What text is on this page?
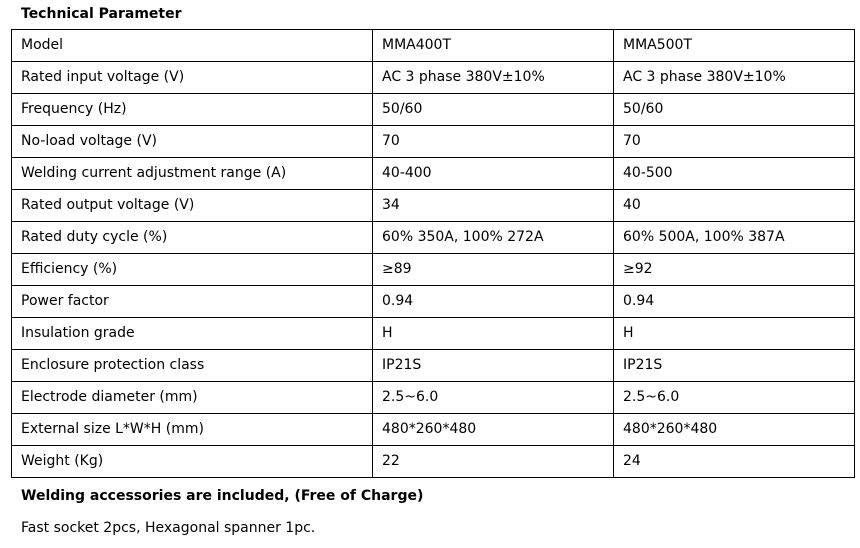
Technical Parameter
Model	MMA400T	MMA500T
Rated input voltage (V)	AC 3 phase 380V±10%	AC 3 phase 380V±10%
Frequency (Hz)	50/60	50/60
No-load voltage (V)	70	70
Welding current adjustment range (A)	40-400	40-500
Rated output voltage (V)	34	40
Rated duty cycle (%)	60% 350A, 100% 272A	60% 500A, 100% 387A
Efficiency (%)	≥89	≥92
Power factor	0.94	0.94
Insulation grade	H	H
Enclosure protection class	IP21S	IP21S
Electrode diameter (mm)	2.5~6.0	2.5~6.0
External size L*W*H (mm)	480*260*480	480*260*480
Weight (Kg)	22	24
Welding accessories are included, (Free of Charge)
Fast socket 2pcs, Hexagonal spanner 1pc.
